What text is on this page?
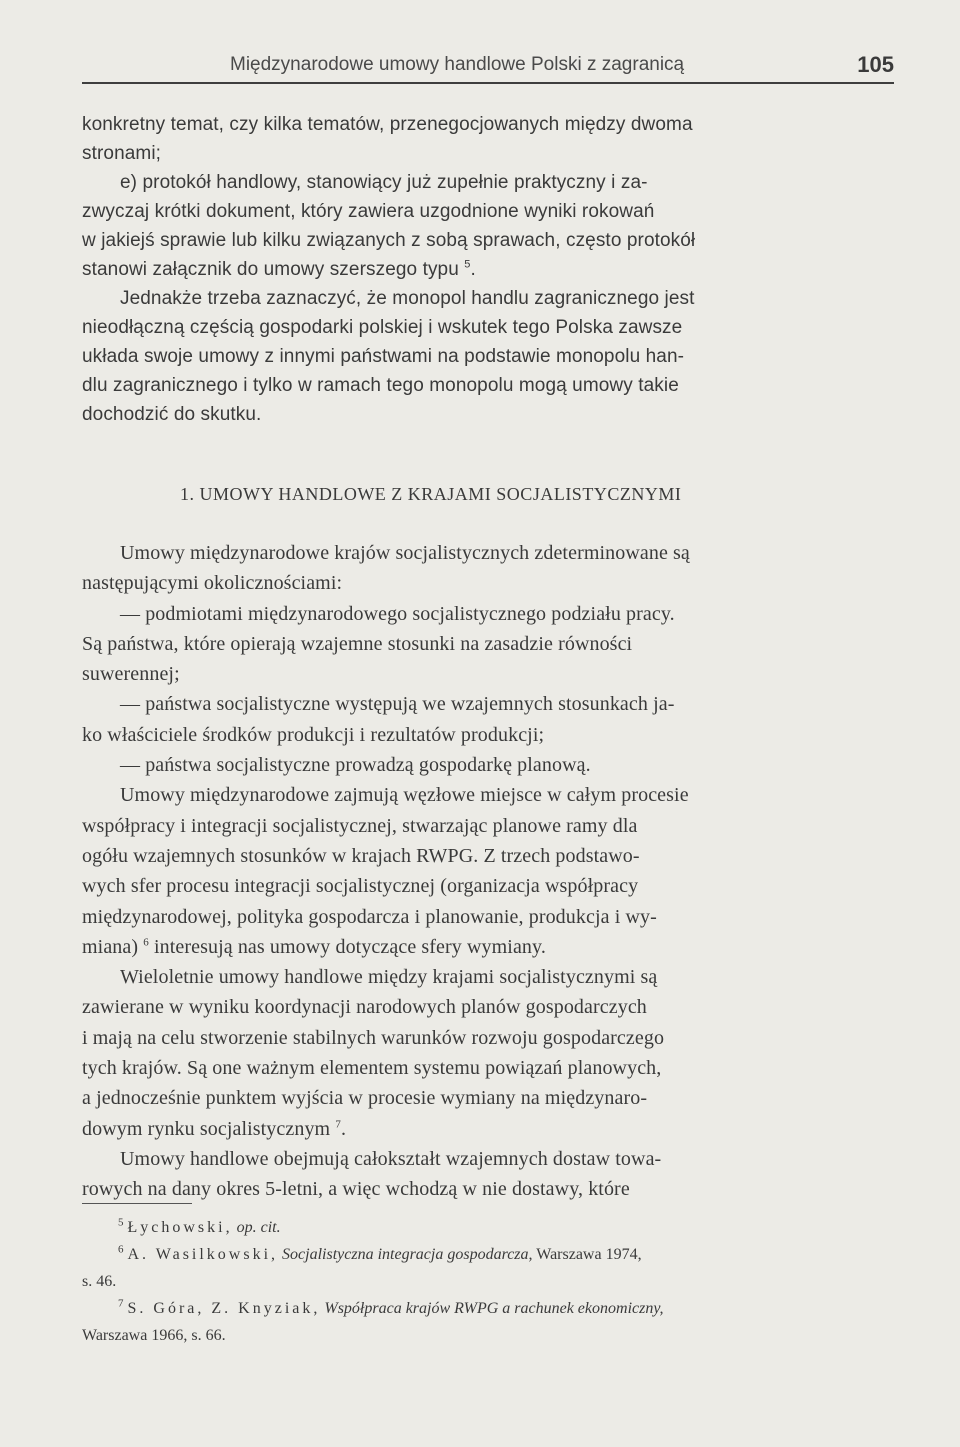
Międzynarodowe umowy handlowe Polski z zagranicą	105
konkretny temat, czy kilka tematów, przenegocjowanych między dwoma
stronami;
e) protokół handlowy, stanowiący już zupełnie praktyczny i za-
zwyczaj krótki dokument, który zawiera uzgodnione wyniki rokowań
w jakiejś sprawie lub kilku związanych z sobą sprawach, często protokół
stanowi załącznik do umowy szerszego typu $^5$.
Jednakże trzeba zaznaczyć, że monopol handlu zagranicznego jest
nieodłączną częścią gospodarki polskiej i wskutek tego Polska zawsze
układa swoje umowy z innymi państwami na podstawie monopolu han-
dlu zagranicznego i tylko w ramach tego monopolu mogą umowy takie
dochodzić do skutku.
1. UMOWY HANDLOWE Z KRAJAMI SOCJALISTYCZNYMI
Umowy międzynarodowe krajów socjalistycznych zdeterminowane są
następującymi okolicznościami:
— podmiotami międzynarodowego socjalistycznego podziału pracy.
Są państwa, które opierają wzajemne stosunki na zasadzie równości
suwerennej;
— państwa socjalistyczne występują we wzajemnych stosunkach ja-
ko właściciele środków produkcji i rezultatów produkcji;
— państwa socjalistyczne prowadzą gospodarkę planową.
Umowy międzynarodowe zajmują węzłowe miejsce w całym procesie
współpracy i integracji socjalistycznej, stwarzając planowe ramy dla
ogółu wzajemnych stosunków w krajach RWPG. Z trzech podstawo-
wych sfer procesu integracji socjalistycznej (organizacja współpracy
międzynarodowej, polityka gospodarcza i planowanie, produkcja i wy-
miana) $^6$ interesują nas umowy dotyczące sfery wymiany.
Wieloletnie umowy handlowe między krajami socjalistycznymi są
zawierane w wyniku koordynacji narodowych planów gospodarczych
i mają na celu stworzenie stabilnych warunków rozwoju gospodarczego
tych krajów. Są one ważnym elementem systemu powiązań planowych,
a jednocześnie punktem wyjścia w procesie wymiany na międzynaro-
dowym rynku socjalistycznym $^7$.
Umowy handlowe obejmują całokształt wzajemnych dostaw towa-
rowych na dany okres 5-letni, a więc wchodzą w nie dostawy, które
$^5$ Łychowski, op. cit.
$^6$ A. Wasilkowski, Socjalistyczna integracja gospodarcza, Warszawa 1974,
s. 46.
$^7$ S. Góra, Z. Knyziak, Współpraca krajów RWPG a rachunek ekonomiczny,
Warszawa 1966, s. 66.
